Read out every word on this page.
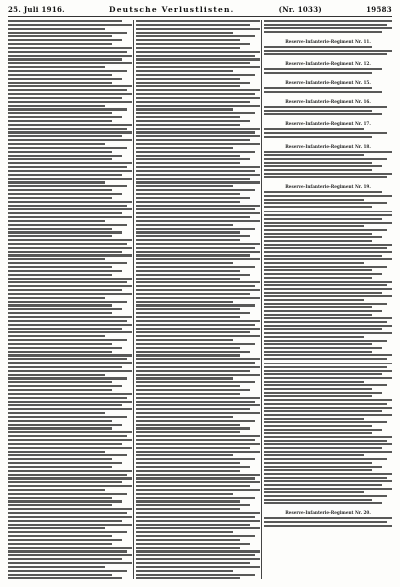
25. Juli 1916.	Deutsche Verlustlisten.	(Nr. 1033)	19583
Reserve-Infanterie-Regiment Nr. 11.
Reserve-Infanterie-Regiment Nr. 12.
Reserve-Infanterie-Regiment Nr. 15.
Reserve-Infanterie-Regiment Nr. 16.
Reserve-Infanterie-Regiment Nr. 17.
Reserve-Infanterie-Regiment Nr. 18.
Reserve-Infanterie-Regiment Nr. 19.
Reserve-Infanterie-Regiment Nr. 20.
